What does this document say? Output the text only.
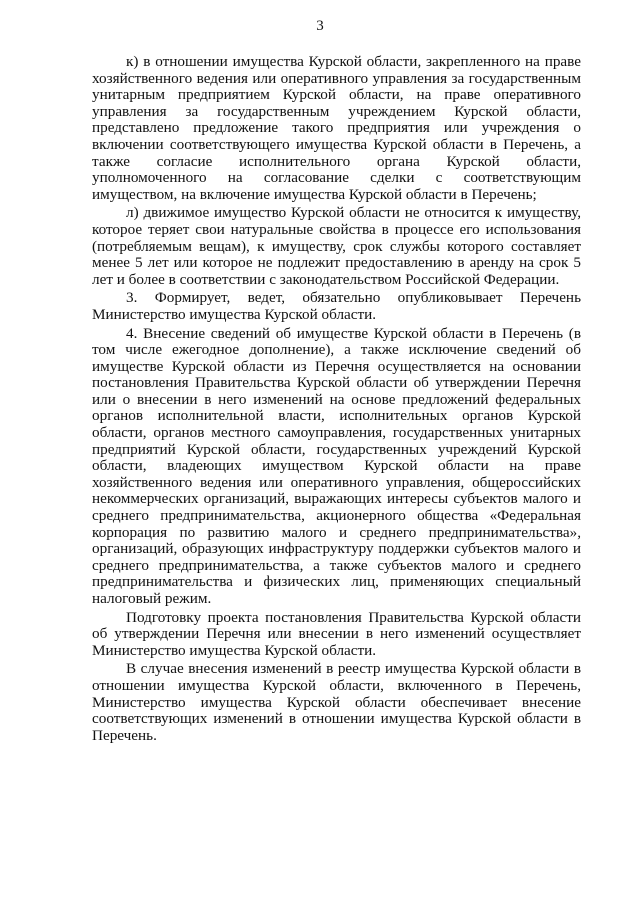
3

к) в отношении имущества Курской области, закрепленного на праве хозяйственного ведения или оперативного управления за государственным унитарным предприятием Курской области, на праве оперативного управления за государственным учреждением Курской области, представлено предложение такого предприятия или учреждения о включении соответствующего имущества Курской области в Перечень, а также согласие исполнительного органа Курской области, уполномоченного на согласование сделки с соответствующим имуществом, на включение имущества Курской области в Перечень;

л) движимое имущество Курской области не относится к имуществу, которое теряет свои натуральные свойства в процессе его использования (потребляемым вещам), к имуществу, срок службы которого составляет менее 5 лет или которое не подлежит предоставлению в аренду на срок 5 лет и более в соответствии с законодательством Российской Федерации.

3. Формирует, ведет, обязательно опубликовывает Перечень Министерство имущества Курской области.

4. Внесение сведений об имуществе Курской области в Перечень (в том числе ежегодное дополнение), а также исключение сведений об имуществе Курской области из Перечня осуществляется на основании постановления Правительства Курской области об утверждении Перечня или о внесении в него изменений на основе предложений федеральных органов исполнительной власти, исполнительных органов Курской области, органов местного самоуправления, государственных унитарных предприятий Курской области, государственных учреждений Курской области, владеющих имуществом Курской области на праве хозяйственного ведения или оперативного управления, общероссийских некоммерческих организаций, выражающих интересы субъектов малого и среднего предпринимательства, акционерного общества «Федеральная корпорация по развитию малого и среднего предпринимательства», организаций, образующих инфраструктуру поддержки субъектов малого и среднего предпринимательства, а также субъектов малого и среднего предпринимательства и физических лиц, применяющих специальный налоговый режим.

Подготовку проекта постановления Правительства Курской области об утверждении Перечня или внесении в него изменений осуществляет Министерство имущества Курской области.

В случае внесения изменений в реестр имущества Курской области в отношении имущества Курской области, включенного в Перечень, Министерство имущества Курской области обеспечивает внесение соответствующих изменений в отношении имущества Курской области в Перечень.
